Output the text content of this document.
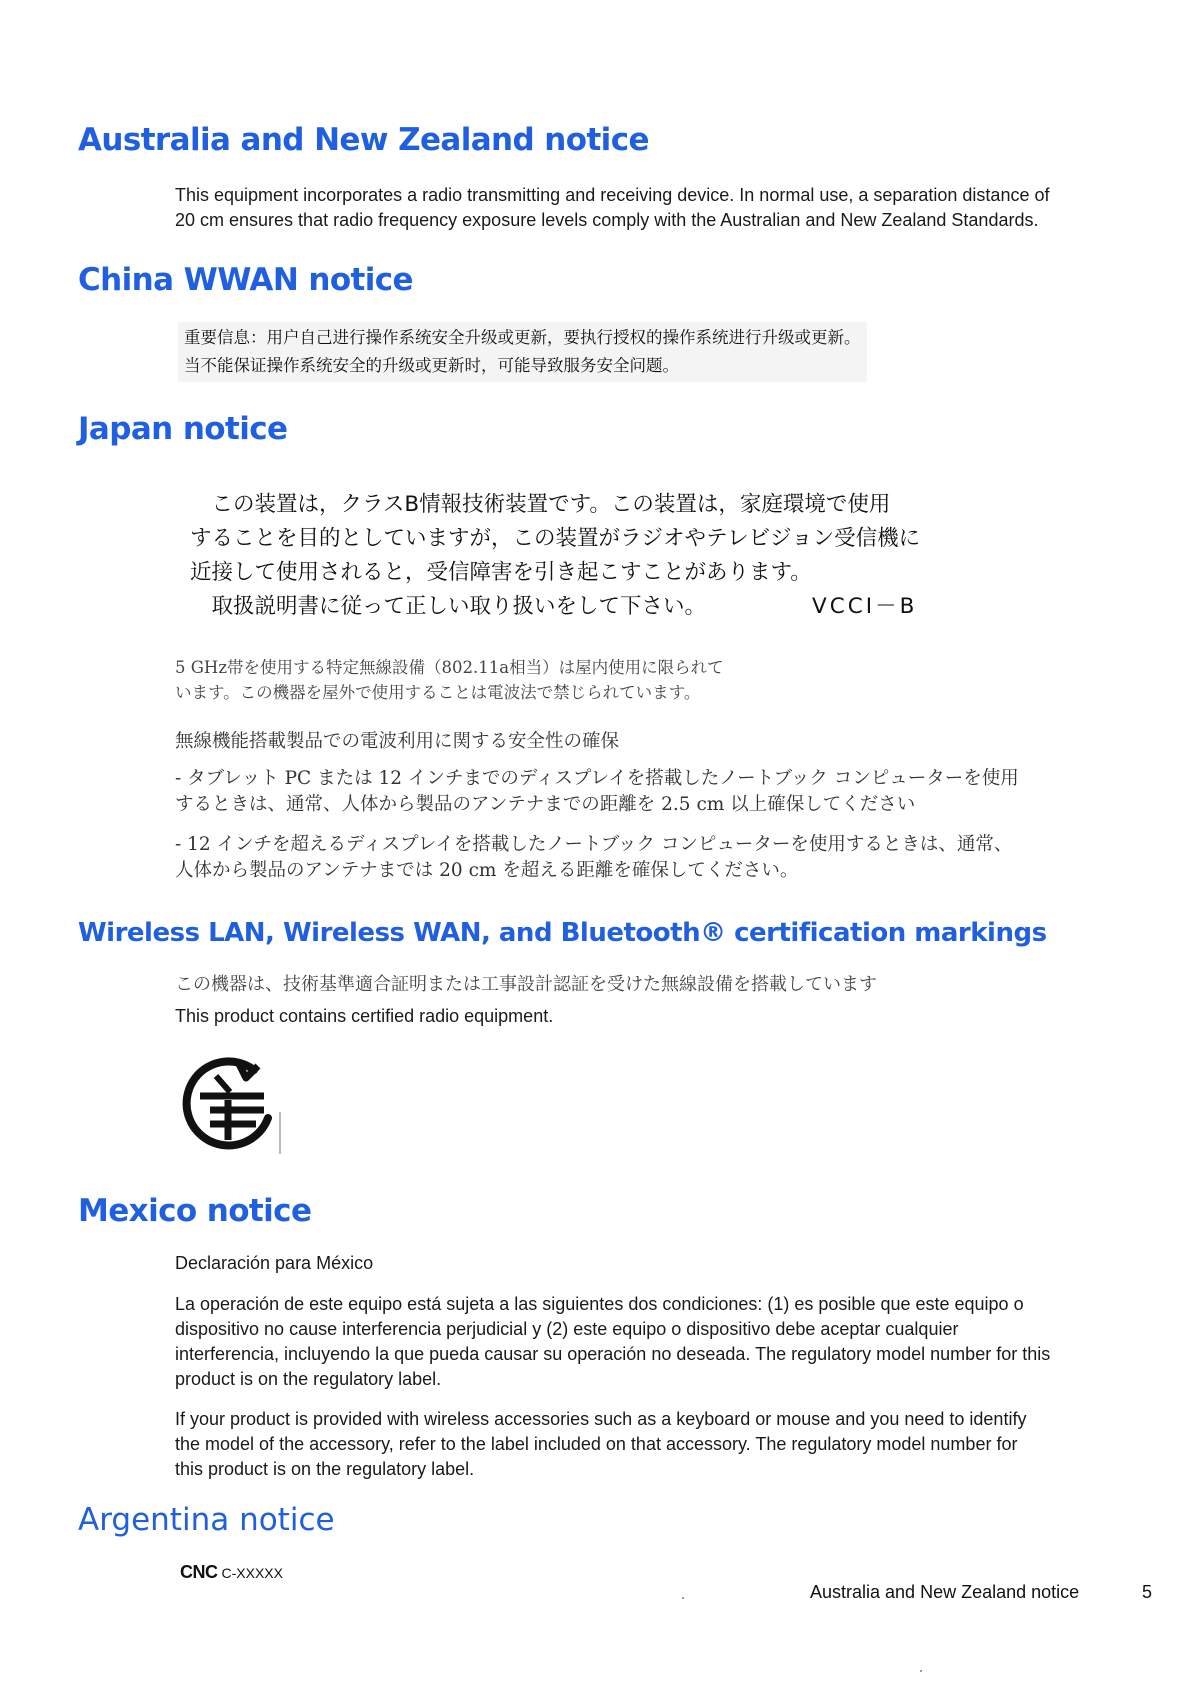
Australia and New Zealand notice

This equipment incorporates a radio transmitting and receiving device. In normal use, a separation distance of
20 cm ensures that radio frequency exposure levels comply with the Australian and New Zealand Standards.

China WWAN notice
重要信息：用户自己进行操作系统安全升级或更新，要执行授权的操作系统进行升级或更新。
当不能保证操作系统安全的升级或更新时，可能导致服务安全问题。
Japan notice
　この装置は，クラスB情報技術装置です。この装置は，家庭環境で使用
することを目的としていますが，この装置がラジオやテレビジョン受信機に
近接して使用されると，受信障害を引き起こすことがあります。
　取扱説明書に従って正しい取り扱いをして下さい。	VCCI－B
5 GHz帯を使用する特定無線設備（802.11a相当）は屋内使用に限られて
います。この機器を屋外で使用することは電波法で禁じられています。

無線機能搭載製品での電波利用に関する安全性の確保

- タブレット PC または 12 インチまでのディスプレイを搭載したノートブック コンピューターを使用
するときは、通常、人体から製品のアンテナまでの距離を 2.5 cm 以上確保してください
- 12 インチを超えるディスプレイを搭載したノートブック コンピューターを使用するときは、通常、
人体から製品のアンテナまでは 20 cm を超える距離を確保してください。
Wireless LAN, Wireless WAN, and Bluetooth® certification markings

この機器は、技術基準適合証明または工事設計認証を受けた無線設備を搭載しています

This product contains certified radio equipment.

Mexico notice

Declaración para México

La operación de este equipo está sujeta a las siguientes dos condiciones: (1) es posible que este equipo o
dispositivo no cause interferencia perjudicial y (2) este equipo o dispositivo debe aceptar cualquier
interferencia, incluyendo la que pueda causar su operación no deseada. The regulatory model number for this
product is on the regulatory label.

If your product is provided with wireless accessories such as a keyboard or mouse and you need to identify
the model of the accessory, refer to the label included on that accessory. The regulatory model number for
this product is on the regulatory label.

Argentina notice

CNC C-XXXXX

Australia and New Zealand notice	5
